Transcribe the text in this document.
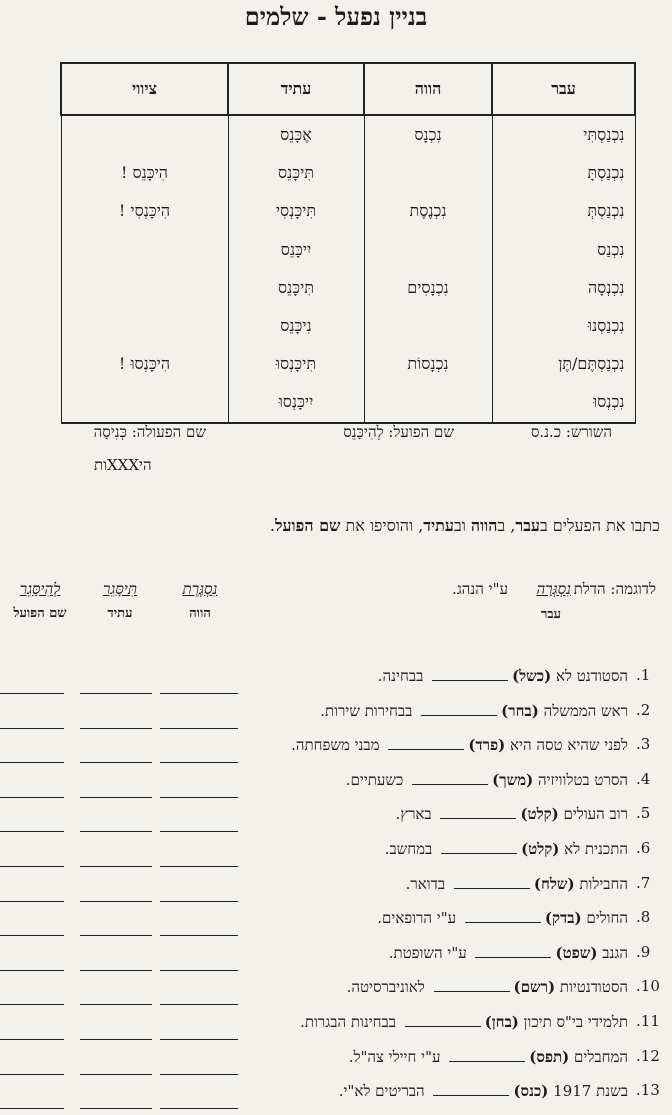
בניין נפעל - שלמים
עבר	הווה	עתיד	ציווי
נִכְנַסְתִּי	נִכְנָס	אֶכָּנֵס	
נִכְנַסְתָּ		תִּיכָּנֵס	הִיכָּנֵס !
נִכְנַסְתְּ	נִכְנֶסֶת	תִּיכָּנְסִי	הִיכָּנְסִי !
נִכְנַס		יִיכָּנֵס	
נִכְנְסָה	נִכְנָסִים	תִּיכָּנֵס	
נִכְנַסְנוּ		נִיכָּנֵס	
נִכְנַסְתֶּם/תֶּן	נִכְנָסוֹת	תִּיכָּנְסוּ	הִיכָּנְסוּ !
נִכְנְסוּ		יִיכָּנְסוּ	
השורש: כ.נ.ס
שם הפועל: לְהִיכָּנֵס
שם הפעולה: כְּנִיסָה
היXXXות
כתבו את הפעלים בעבר, בהווה ובעתיד, והוסיפו את שם הפועל.
לדוגמה: הדלת
נִסְגְּרָה
ע"י הנהג.
עבר
נִסְגֶּרֶת
הווה
תִּיסָּגֵר
עתיד
לְהִיסָּגֵר
שם הפועל
1.
הסטודנט לא (כשל) בבחינה.
2.
ראש הממשלה (בחר) בבחירות שירות.
3.
לפני שהיא טסה היא (פרד) מבני משפחתה.
4.
הסרט בטלוויזיה (משך) כשעתיים.
5.
רוב העולים (קלט) בארץ.
6.
התכנית לא (קלט) במחשב.
7.
החבילות (שלח) בדואר.
8.
החולים (בדק) ע"י הרופאים.
9.
הגנב (שפט) ע"י השופטת.
10.
הסטודנטיות (רשם) לאוניברסיטה.
11.
תלמידי בי"ס תיכון (בחן) בבחינות הבגרות.
12.
המחבלים (תפס) ע"י חיילי צה"ל.
13.
בשנת 1917 (כנס) הבריטים לא"י.
